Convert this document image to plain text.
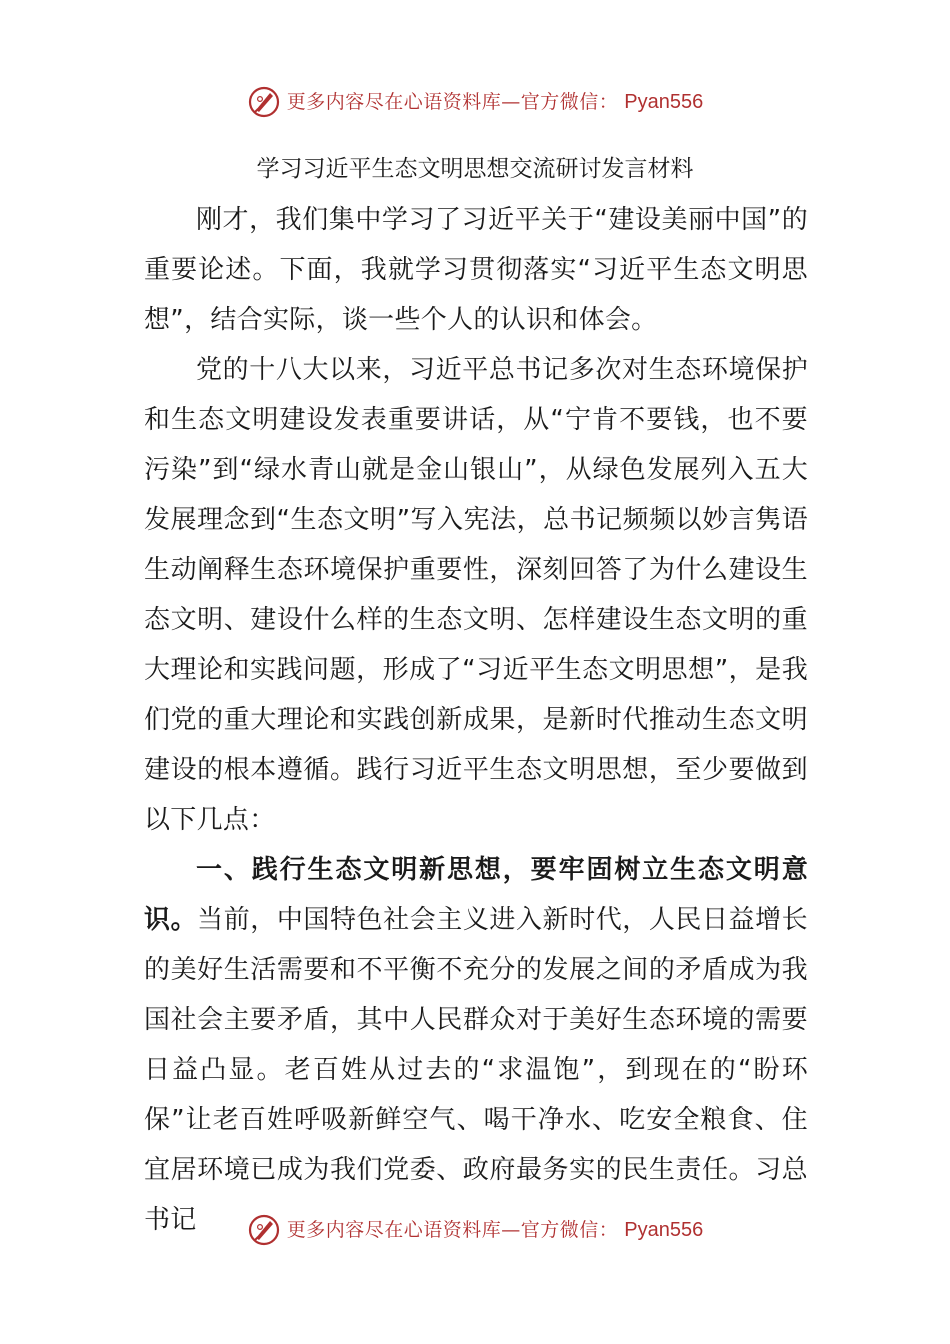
更多内容尽在心语资料库—官方微信： Pyan556
学习习近平生态文明思想交流研讨发言材料

刚才，我们集中学习了习近平关于“建设美丽中国”的重要论述。下面，我就学习贯彻落实“习近平生态文明思想”，结合实际，谈一些个人的认识和体会。

党的十八大以来，习近平总书记多次对生态环境保护和生态文明建设发表重要讲话，从“宁肯不要钱，也不要污染”到“绿水青山就是金山银山”，从绿色发展列入五大发展理念到“生态文明”写入宪法，总书记频频以妙言隽语生动阐释生态环境保护重要性，深刻回答了为什么建设生态文明、建设什么样的生态文明、怎样建设生态文明的重大理论和实践问题，形成了“习近平生态文明思想”，是我们党的重大理论和实践创新成果，是新时代推动生态文明建设的根本遵循。践行习近平生态文明思想，至少要做到以下几点：

一、践行生态文明新思想，要牢固树立生态文明意识。当前，中国特色社会主义进入新时代，人民日益增长的美好生活需要和不平衡不充分的发展之间的矛盾成为我国社会主要矛盾，其中人民群众对于美好生态环境的需要日益凸显。老百姓从过去的“求温饱”，到现在的“盼环保”让老百姓呼吸新鲜空气、喝干净水、吃安全粮食、住宜居环境已成为我们党委、政府最务实的民生责任。习总书记	更多内容尽在心语资料库—官方微信： Pyan556
